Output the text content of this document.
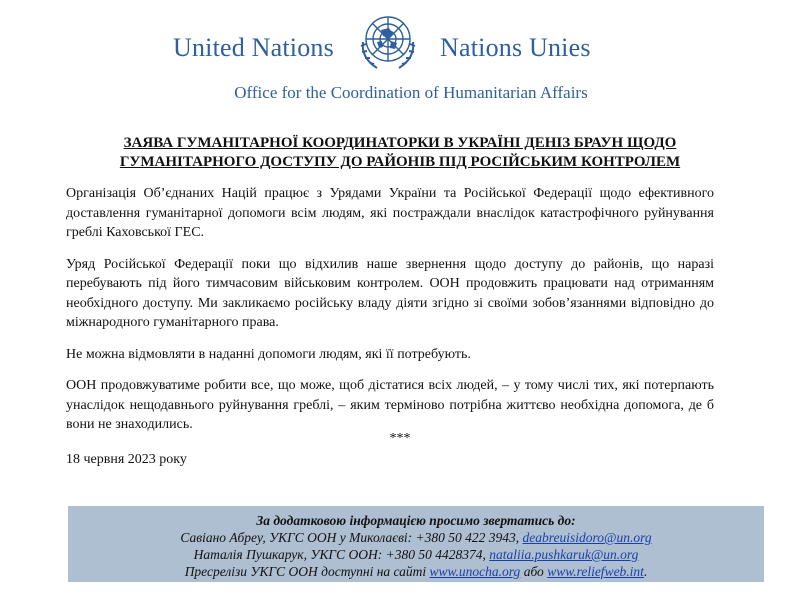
United Nations	Nations Unies
Office for the Coordination of Humanitarian Affairs
ЗАЯВА ГУМАНІТАРНОЇ КООРДИНАТОРКИ В УКРАЇНІ ДЕНІЗ БРАУН ЩОДО
ГУМАНІТАРНОГО ДОСТУПУ ДО РАЙОНІВ ПІД РОСІЙСЬКИМ КОНТРОЛЕМ

Організація Об’єднаних Націй працює з Урядами України та Російської Федерації щодо ефективного доставлення гуманітарної допомоги всім людям, які постраждали внаслідок катастрофічного руйнування греблі Каховської ГЕС.

Уряд Російської Федерації поки що відхилив наше звернення щодо доступу до районів, що наразі перебувають під його тимчасовим військовим контролем. ООН продовжить працювати над отриманням необхідного доступу. Ми закликаємо російську владу діяти згідно зі своїми зобов’язаннями відповідно до міжнародного гуманітарного права.

Не можна відмовляти в наданні допомоги людям, які її потребують.

ООН продовжуватиме робити все, що може, щоб дістатися всіх людей, – у тому числі тих, які потерпають унаслідок нещодавнього руйнування греблі, – яким терміново потрібна життєво необхідна допомога, де б вони не знаходились.

***
18 червня 2023 року
За додатковою інформацією просимо звертатись до:
Савіано Абреу, УКГС ООН у Миколаєві: +380 50 422 3943, deabreuisidoro@un.org
Наталія Пушкарук, УКГС ООН: +380 50 4428374, nataliia.pushkaruk@un.org
Пресрелізи УКГС ООН доступні на сайті www.unocha.org або www.reliefweb.int.
